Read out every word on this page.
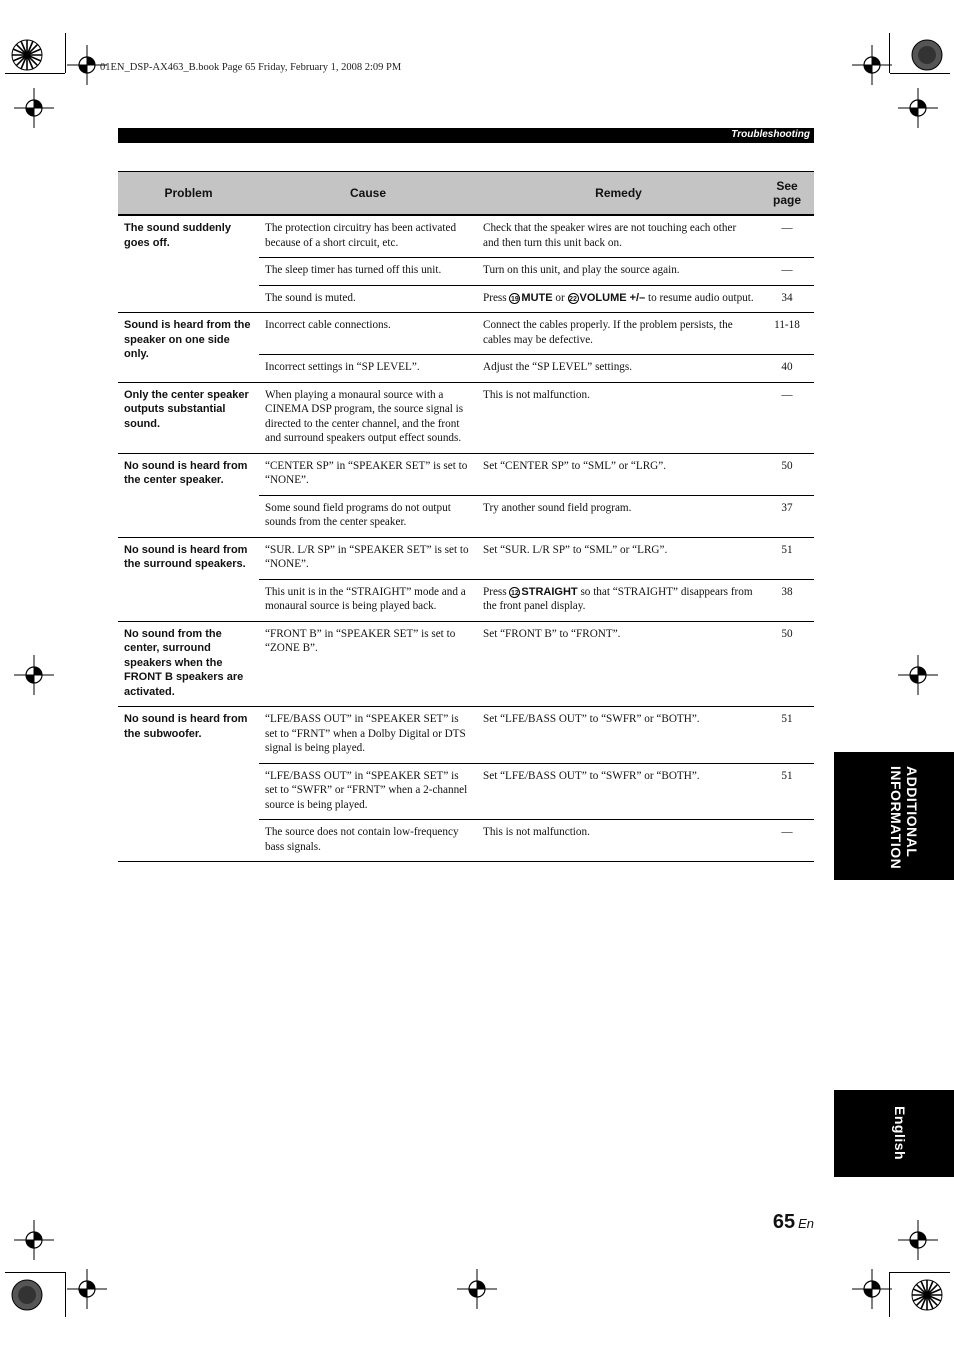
01EN_DSP-AX463_B.book Page 65 Friday, February 1, 2008 2:09 PM
Troubleshooting
Problem	Cause	Remedy	See page
The sound suddenly goes off.	The protection circuitry has been activated because of a short circuit, etc.	Check that the speaker wires are not touching each other and then turn this unit back on.	—
	The sleep timer has turned off this unit.	Turn on this unit, and play the source again.	—
	The sound is muted.	Press 19 MUTE or 22 VOLUME +/– to resume audio output.	34
Sound is heard from the speaker on one side only.	Incorrect cable connections.	Connect the cables properly. If the problem persists, the cables may be defective.	11-18
	Incorrect settings in “SP LEVEL”.	Adjust the “SP LEVEL” settings.	40
Only the center speaker outputs substantial sound.	When playing a monaural source with a CINEMA DSP program, the source signal is directed to the center channel, and the front and surround speakers output effect sounds.	This is not malfunction.	—
No sound is heard from the center speaker.	“CENTER SP” in “SPEAKER SET” is set to “NONE”.	Set “CENTER SP” to “SML” or “LRG”.	50
	Some sound field programs do not output sounds from the center speaker.	Try another sound field program.	37
No sound is heard from the surround speakers.	“SUR. L/R SP” in “SPEAKER SET” is set to “NONE”.	Set “SUR. L/R SP” to “SML” or “LRG”.	51
	This unit is in the “STRAIGHT” mode and a monaural source is being played back.	Press 12 STRAIGHT so that “STRAIGHT” disappears from the front panel display.	38
No sound from the center, surround speakers when the FRONT B speakers are activated.	“FRONT B” in “SPEAKER SET” is set to “ZONE B”.	Set “FRONT B” to “FRONT”.	50
No sound is heard from the subwoofer.	“LFE/BASS OUT” in “SPEAKER SET” is set to “FRNT” when a Dolby Digital or DTS signal is being played.	Set “LFE/BASS OUT” to “SWFR” or “BOTH”.	51
	“LFE/BASS OUT” in “SPEAKER SET” is set to “SWFR” or “FRNT” when a 2-channel source is being played.	Set “LFE/BASS OUT” to “SWFR” or “BOTH”.	51
	The source does not contain low-frequency bass signals.	This is not malfunction.	—	ADDITIONAL
INFORMATION
English
65 En
